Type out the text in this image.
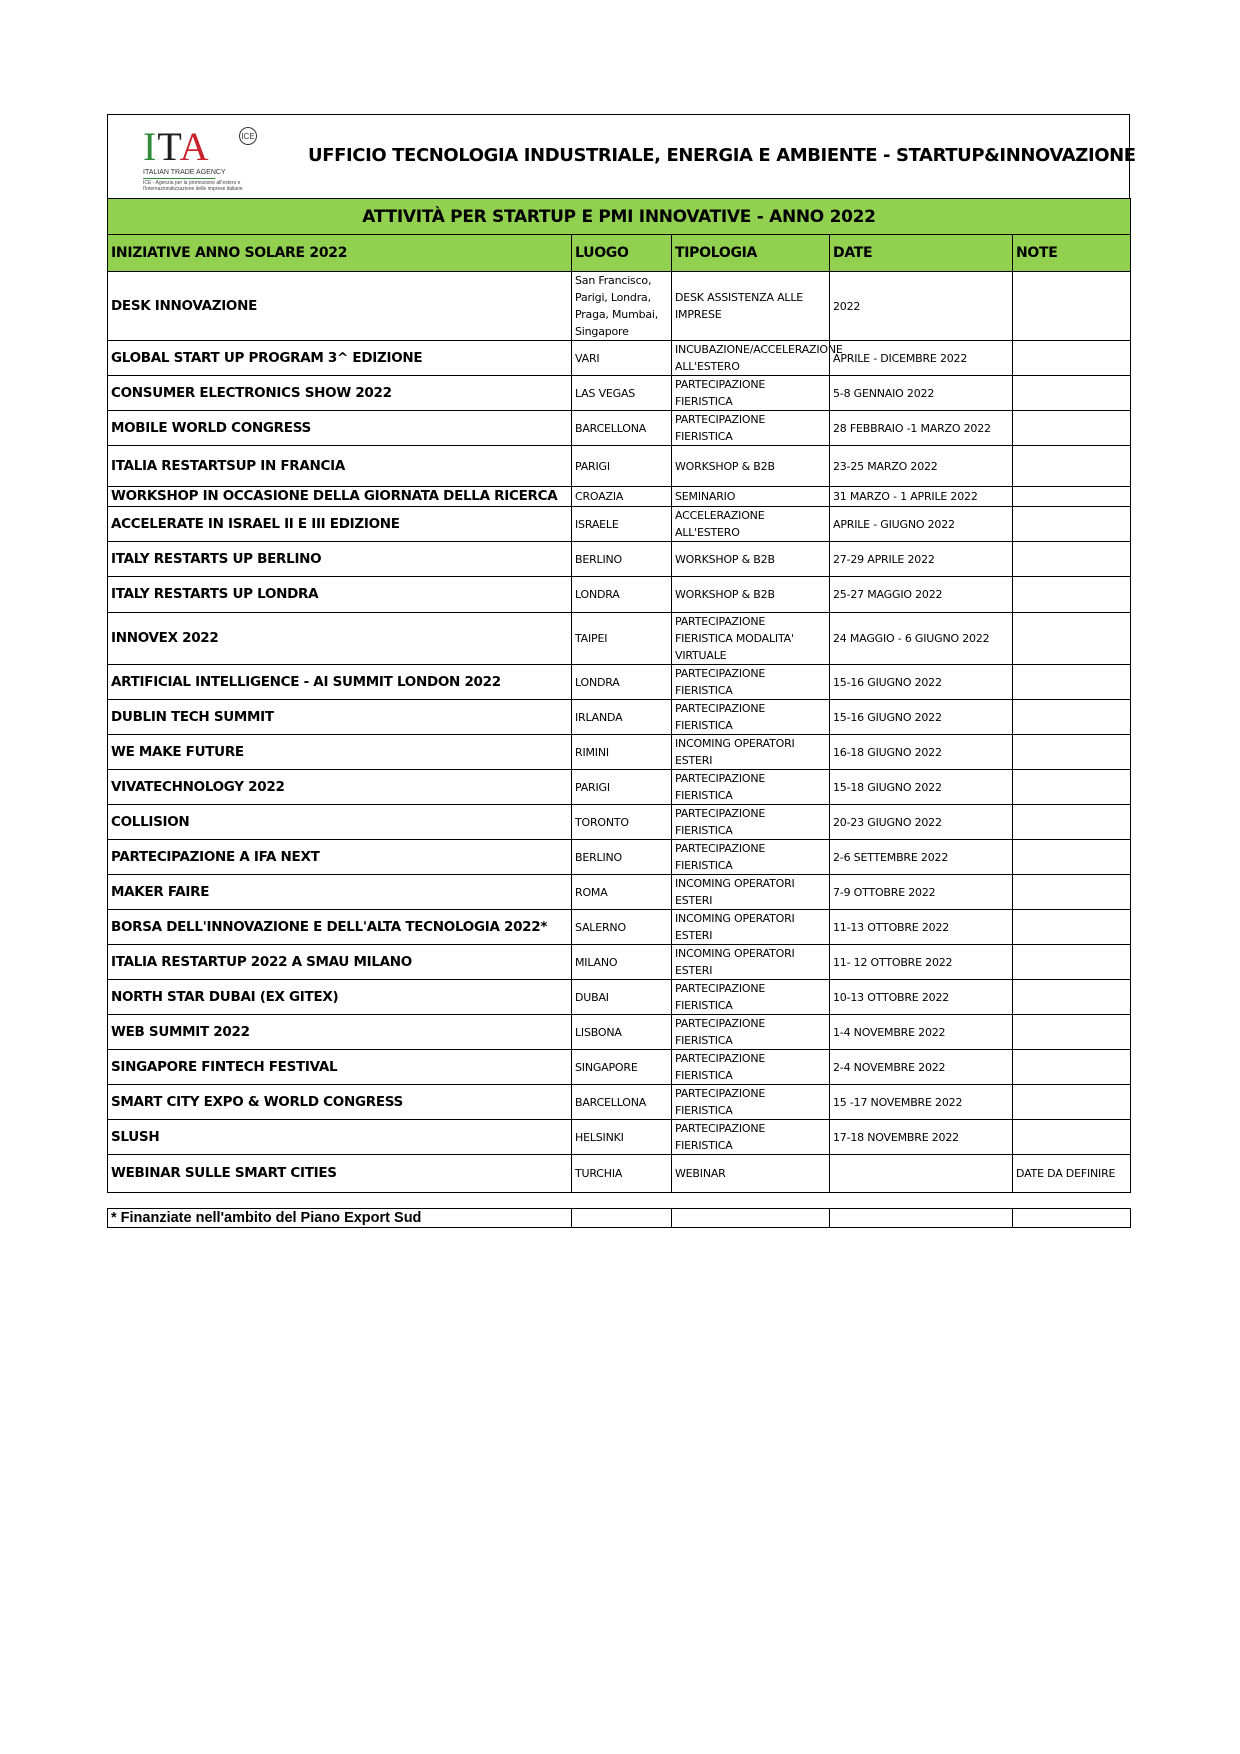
ITA	ICE
ITALIAN TRADE AGENCY
ICE - Agenzia per la promozione all'estero e l'internazionalizzazione delle imprese italiane
UFFICIO TECNOLOGIA INDUSTRIALE, ENERGIA E AMBIENTE - STARTUP&INNOVAZIONE
ATTIVITÀ PER STARTUP E PMI INNOVATIVE - ANNO 2022				
INIZIATIVE ANNO SOLARE 2022	LUOGO	TIPOLOGIA	DATE	NOTE
DESK INNOVAZIONE	San Francisco, Parigi, Londra, Praga, Mumbai, Singapore	DESK ASSISTENZA ALLE IMPRESE	2022	
GLOBAL START UP PROGRAM 3^ EDIZIONE	VARI	INCUBAZIONE/ACCELERAZIONE ALL'ESTERO	APRILE - DICEMBRE 2022	
CONSUMER ELECTRONICS SHOW 2022	LAS VEGAS	PARTECIPAZIONE FIERISTICA	5-8 GENNAIO 2022	
MOBILE WORLD CONGRESS	BARCELLONA	PARTECIPAZIONE FIERISTICA	28 FEBBRAIO -1 MARZO 2022	
ITALIA RESTARTSUP IN FRANCIA	PARIGI	WORKSHOP & B2B	23-25 MARZO 2022	
WORKSHOP IN OCCASIONE DELLA GIORNATA DELLA RICERCA	CROAZIA	SEMINARIO	31 MARZO - 1 APRILE 2022	
ACCELERATE IN ISRAEL II E III EDIZIONE	ISRAELE	ACCELERAZIONE ALL'ESTERO	APRILE - GIUGNO 2022	
ITALY RESTARTS UP BERLINO	BERLINO	WORKSHOP & B2B	27-29 APRILE 2022	
ITALY RESTARTS UP LONDRA	LONDRA	WORKSHOP & B2B	25-27 MAGGIO 2022	
INNOVEX 2022	TAIPEI	PARTECIPAZIONE FIERISTICA MODALITA' VIRTUALE	24 MAGGIO - 6 GIUGNO 2022	
ARTIFICIAL INTELLIGENCE - AI SUMMIT LONDON 2022	LONDRA	PARTECIPAZIONE FIERISTICA	15-16 GIUGNO 2022	
DUBLIN TECH SUMMIT	IRLANDA	PARTECIPAZIONE FIERISTICA	15-16 GIUGNO 2022	
WE MAKE FUTURE	RIMINI	INCOMING OPERATORI ESTERI	16-18 GIUGNO 2022	
VIVATECHNOLOGY 2022	PARIGI	PARTECIPAZIONE FIERISTICA	15-18 GIUGNO 2022	
COLLISION	TORONTO	PARTECIPAZIONE FIERISTICA	20-23 GIUGNO 2022	
PARTECIPAZIONE A IFA NEXT	BERLINO	PARTECIPAZIONE FIERISTICA	2-6 SETTEMBRE 2022	
MAKER FAIRE	ROMA	INCOMING OPERATORI ESTERI	7-9 OTTOBRE 2022	
BORSA DELL'INNOVAZIONE E DELL'ALTA TECNOLOGIA 2022*	SALERNO	INCOMING OPERATORI ESTERI	11-13 OTTOBRE 2022	
ITALIA RESTARTUP 2022 A SMAU MILANO	MILANO	INCOMING OPERATORI ESTERI	11- 12 OTTOBRE 2022	
NORTH STAR DUBAI (EX GITEX)	DUBAI	PARTECIPAZIONE FIERISTICA	10-13 OTTOBRE 2022	
WEB SUMMIT 2022	LISBONA	PARTECIPAZIONE FIERISTICA	1-4 NOVEMBRE 2022	
SINGAPORE FINTECH FESTIVAL	SINGAPORE	PARTECIPAZIONE FIERISTICA	2-4 NOVEMBRE 2022	
SMART CITY EXPO & WORLD CONGRESS	BARCELLONA	PARTECIPAZIONE FIERISTICA	15 -17 NOVEMBRE 2022	
SLUSH	HELSINKI	PARTECIPAZIONE FIERISTICA	17-18 NOVEMBRE 2022	
WEBINAR SULLE SMART CITIES	TURCHIA	WEBINAR		DATE DA DEFINIRE
* Finanziate nell'ambito del Piano Export Sud				
